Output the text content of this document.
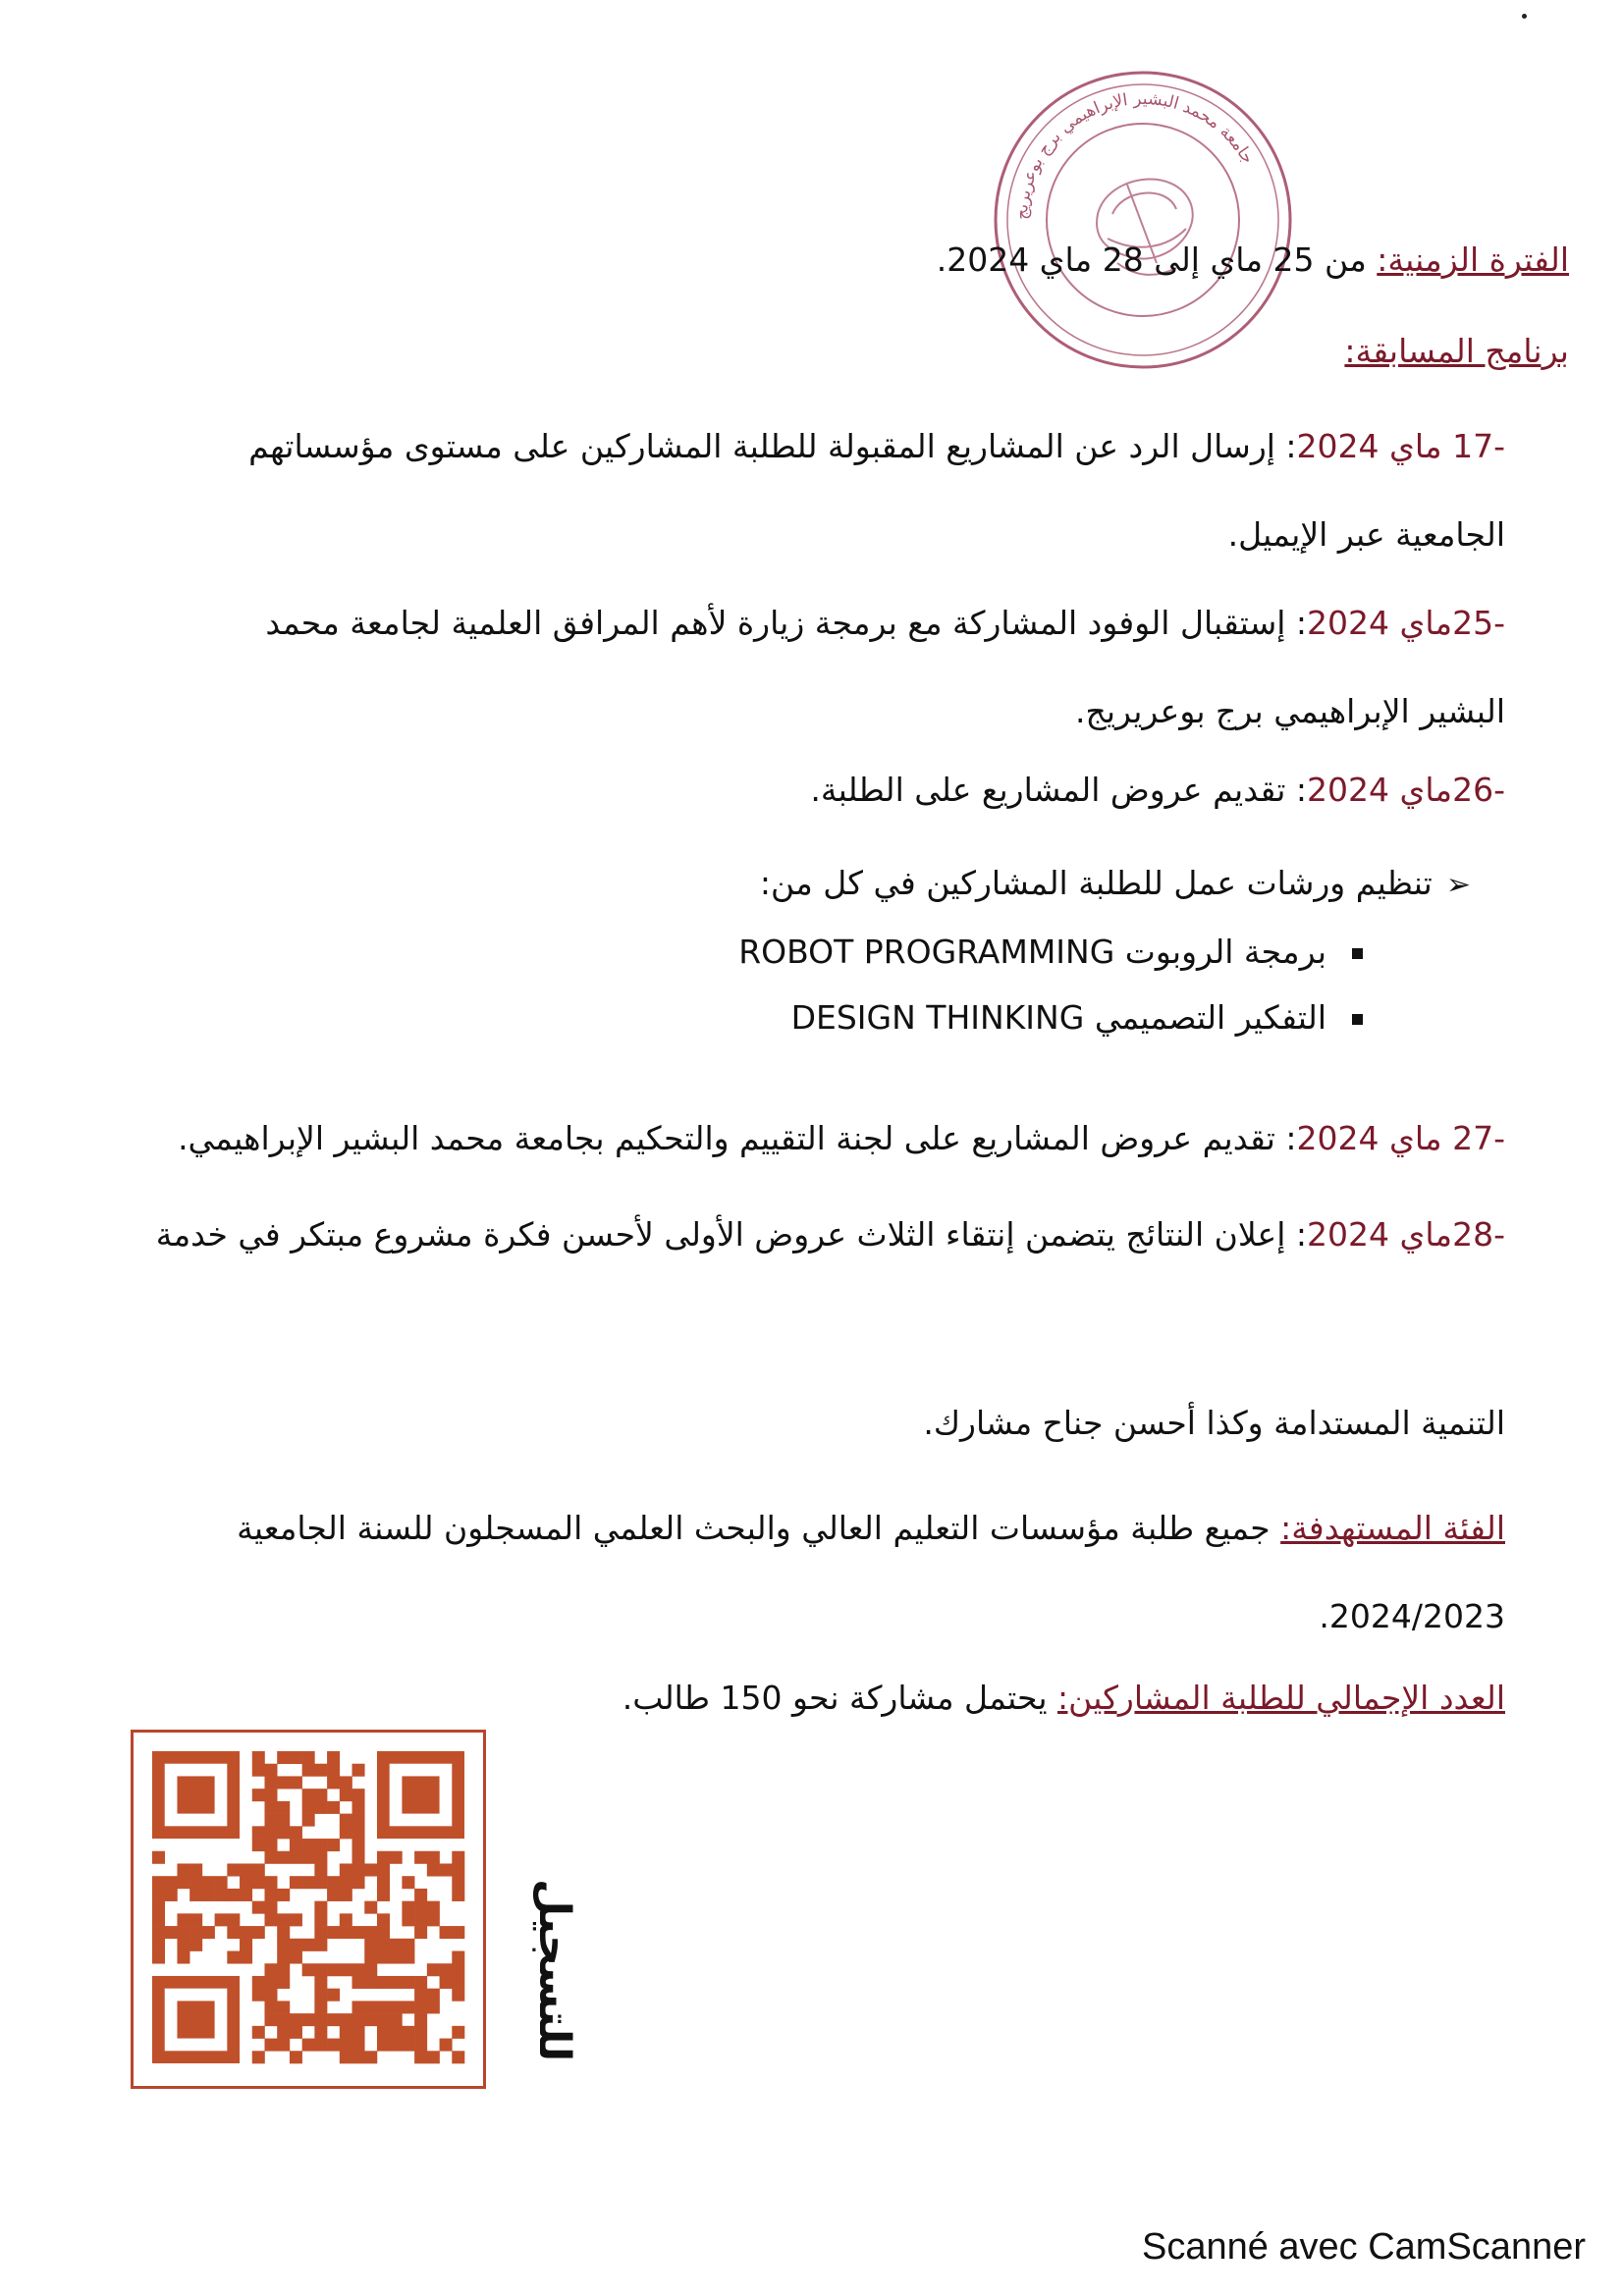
جامعة محمد البشير الإبراهيمي برج بوعريريج
الفترة الزمنية: من 25 ماي إلى 28 ماي 2024.
برنامج المسابقة:
-17 ماي 2024: إرسال الرد عن المشاريع المقبولة للطلبة المشاركين على مستوى مؤسساتهم الجامعية عبر الإيميل.
-25ماي 2024: إستقبال الوفود المشاركة مع برمجة زيارة لأهم المرافق العلمية لجامعة محمد البشير الإبراهيمي برج بوعريريج.
-26ماي 2024: تقديم عروض المشاريع على الطلبة.
➢تنظيم ورشات عمل للطلبة المشاركين في كل من:
برمجة الروبوت ROBOT PROGRAMMING
التفكير التصميمي DESIGN THINKING
-27 ماي 2024: تقديم عروض المشاريع على لجنة التقييم والتحكيم بجامعة محمد البشير الإبراهيمي.
-28ماي 2024: إعلان النتائج يتضمن إنتقاء الثلاث عروض الأولى لأحسن فكرة مشروع مبتكر في خدمة
التنمية المستدامة وكذا أحسن جناح مشارك.
الفئة المستهدفة: جميع طلبة مؤسسات التعليم العالي والبحث العلمي المسجلون للسنة الجامعية 2024/2023.
العدد الإجمالي للطلبة المشاركين: يحتمل مشاركة نحو 150 طالب.
للتسجيل
Scanné avec CamScanner
